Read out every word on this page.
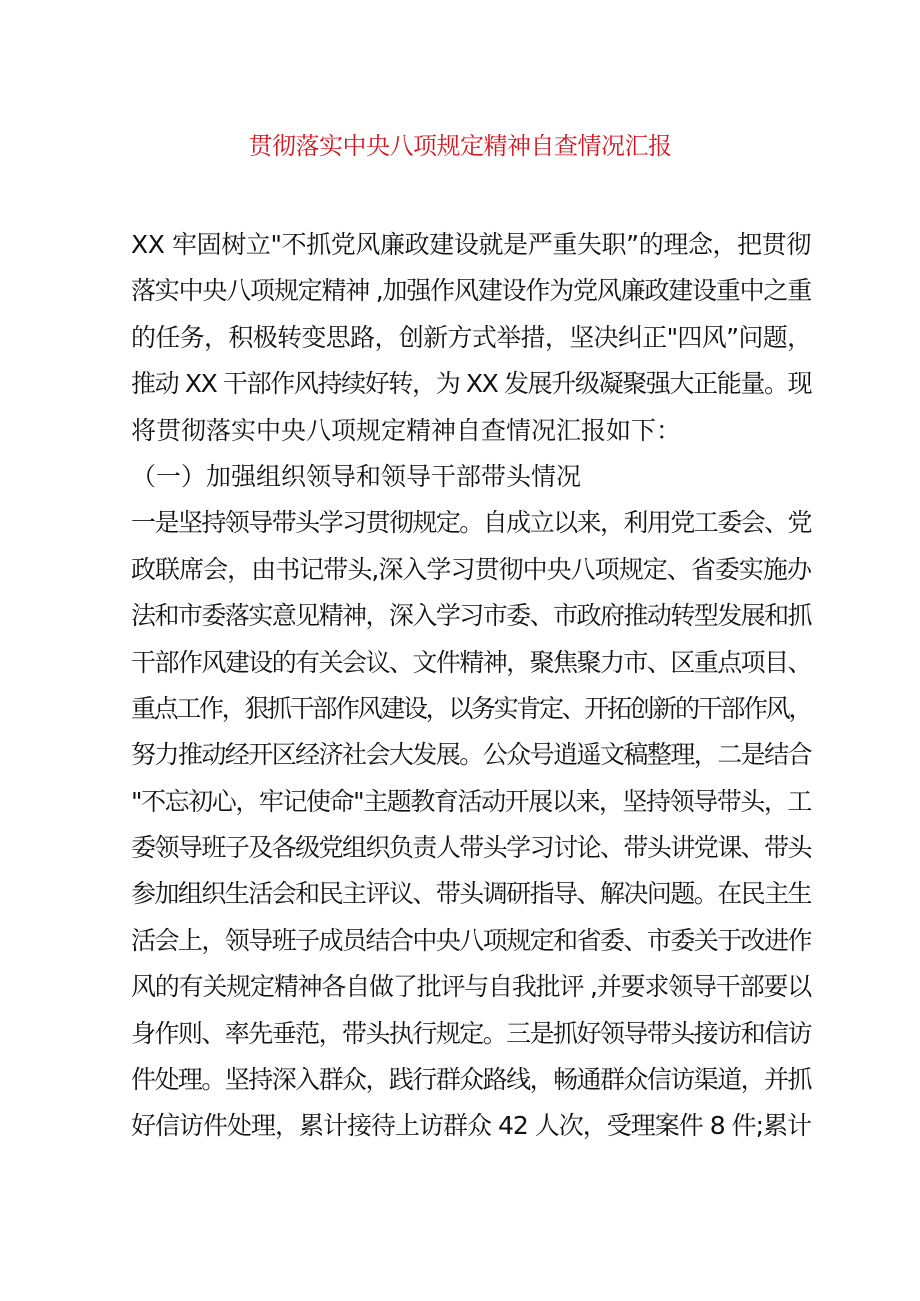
贯彻落实中央八项规定精神自查情况汇报
XX 牢固树立"不抓党风廉政建设就是严重失职”的理念，把贯彻
落实中央八项规定精神 ,加强作风建设作为党风廉政建设重中之重
的任务，积极转变思路，创新方式举措，坚决纠正"四风”问题，
推动 XX 干部作风持续好转，为 XX 发展升级凝聚强大正能量。现
将贯彻落实中央八项规定精神自查情况汇报如下：
（一）加强组织领导和领导干部带头情况
一是坚持领导带头学习贯彻规定。自成立以来，利用党工委会、党
政联席会，由书记带头,深入学习贯彻中央八项规定、省委实施办
法和市委落实意见精神，深入学习市委、市政府推动转型发展和抓
干部作风建设的有关会议、文件精神，聚焦聚力市、区重点项目、
重点工作，狠抓干部作风建设，以务实肯定、开拓创新的干部作风，
努力推动经开区经济社会大发展。公众号逍遥文稿整理，二是结合
"不忘初心，牢记使命"主题教育活动开展以来，坚持领导带头，工
委领导班子及各级党组织负责人带头学习讨论、带头讲党课、带头
参加组织生活会和民主评议、带头调研指导、解决问题。在民主生
活会上，领导班子成员结合中央八项规定和省委、市委关于改进作
风的有关规定精神各自做了批评与自我批评 ,并要求领导干部要以
身作则、率先垂范，带头执行规定。三是抓好领导带头接访和信访
件处理。坚持深入群众，践行群众路线，畅通群众信访渠道，并抓
好信访件处理，累计接待上访群众 42 人次，受理案件 8 件;累计
